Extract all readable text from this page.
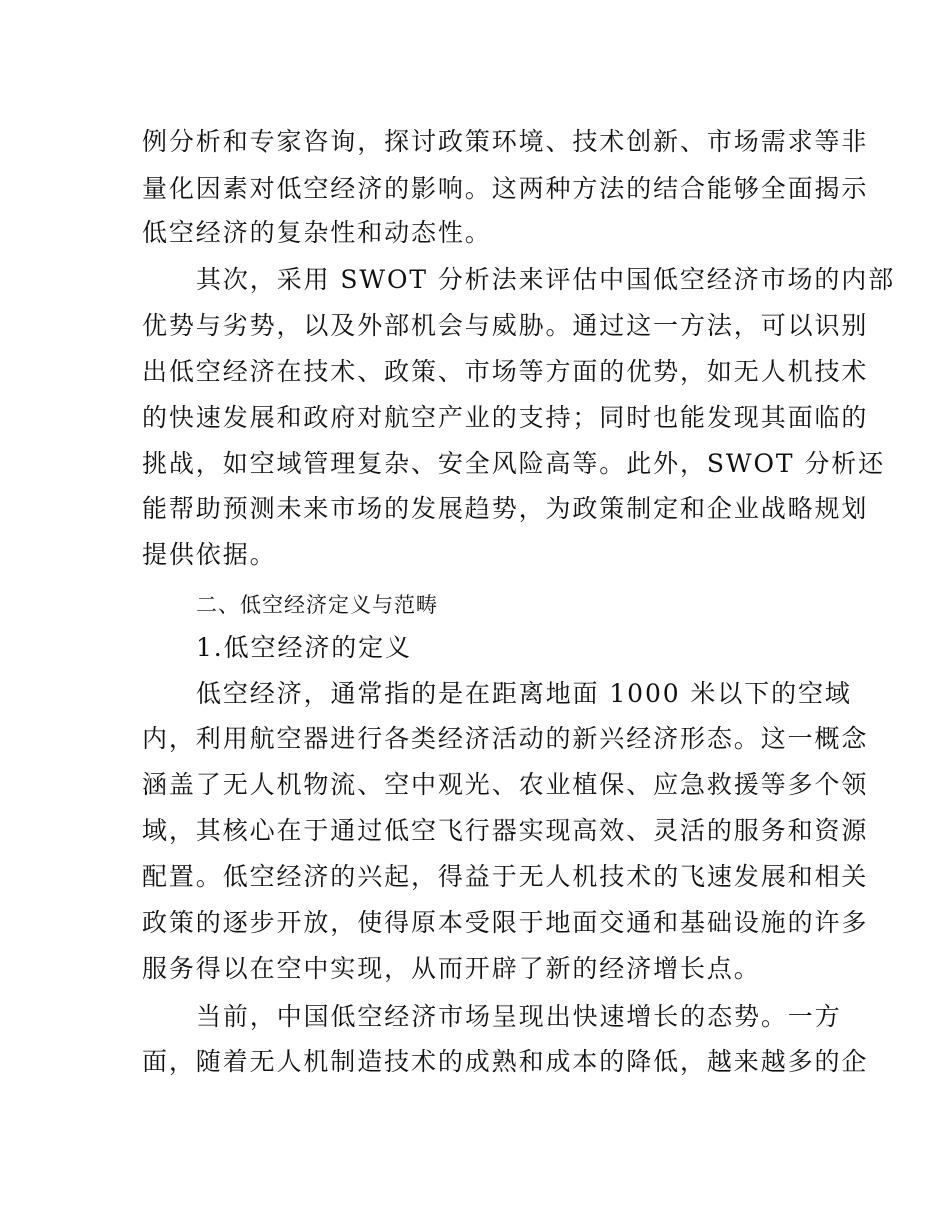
例分析和专家咨询，探讨政策环境、技术创新、市场需求等非
量化因素对低空经济的影响。这两种方法的结合能够全面揭示
低空经济的复杂性和动态性。
其次，采用 SWOT 分析法来评估中国低空经济市场的内部
优势与劣势，以及外部机会与威胁。通过这一方法，可以识别
出低空经济在技术、政策、市场等方面的优势，如无人机技术
的快速发展和政府对航空产业的支持；同时也能发现其面临的
挑战，如空域管理复杂、安全风险高等。此外，SWOT 分析还
能帮助预测未来市场的发展趋势，为政策制定和企业战略规划
提供依据。
二、低空经济定义与范畴
1.低空经济的定义
低空经济，通常指的是在距离地面 1000 米以下的空域
内，利用航空器进行各类经济活动的新兴经济形态。这一概念
涵盖了无人机物流、空中观光、农业植保、应急救援等多个领
域，其核心在于通过低空飞行器实现高效、灵活的服务和资源
配置。低空经济的兴起，得益于无人机技术的飞速发展和相关
政策的逐步开放，使得原本受限于地面交通和基础设施的许多
服务得以在空中实现，从而开辟了新的经济增长点。
当前，中国低空经济市场呈现出快速增长的态势。一方
面，随着无人机制造技术的成熟和成本的降低，越来越多的企
